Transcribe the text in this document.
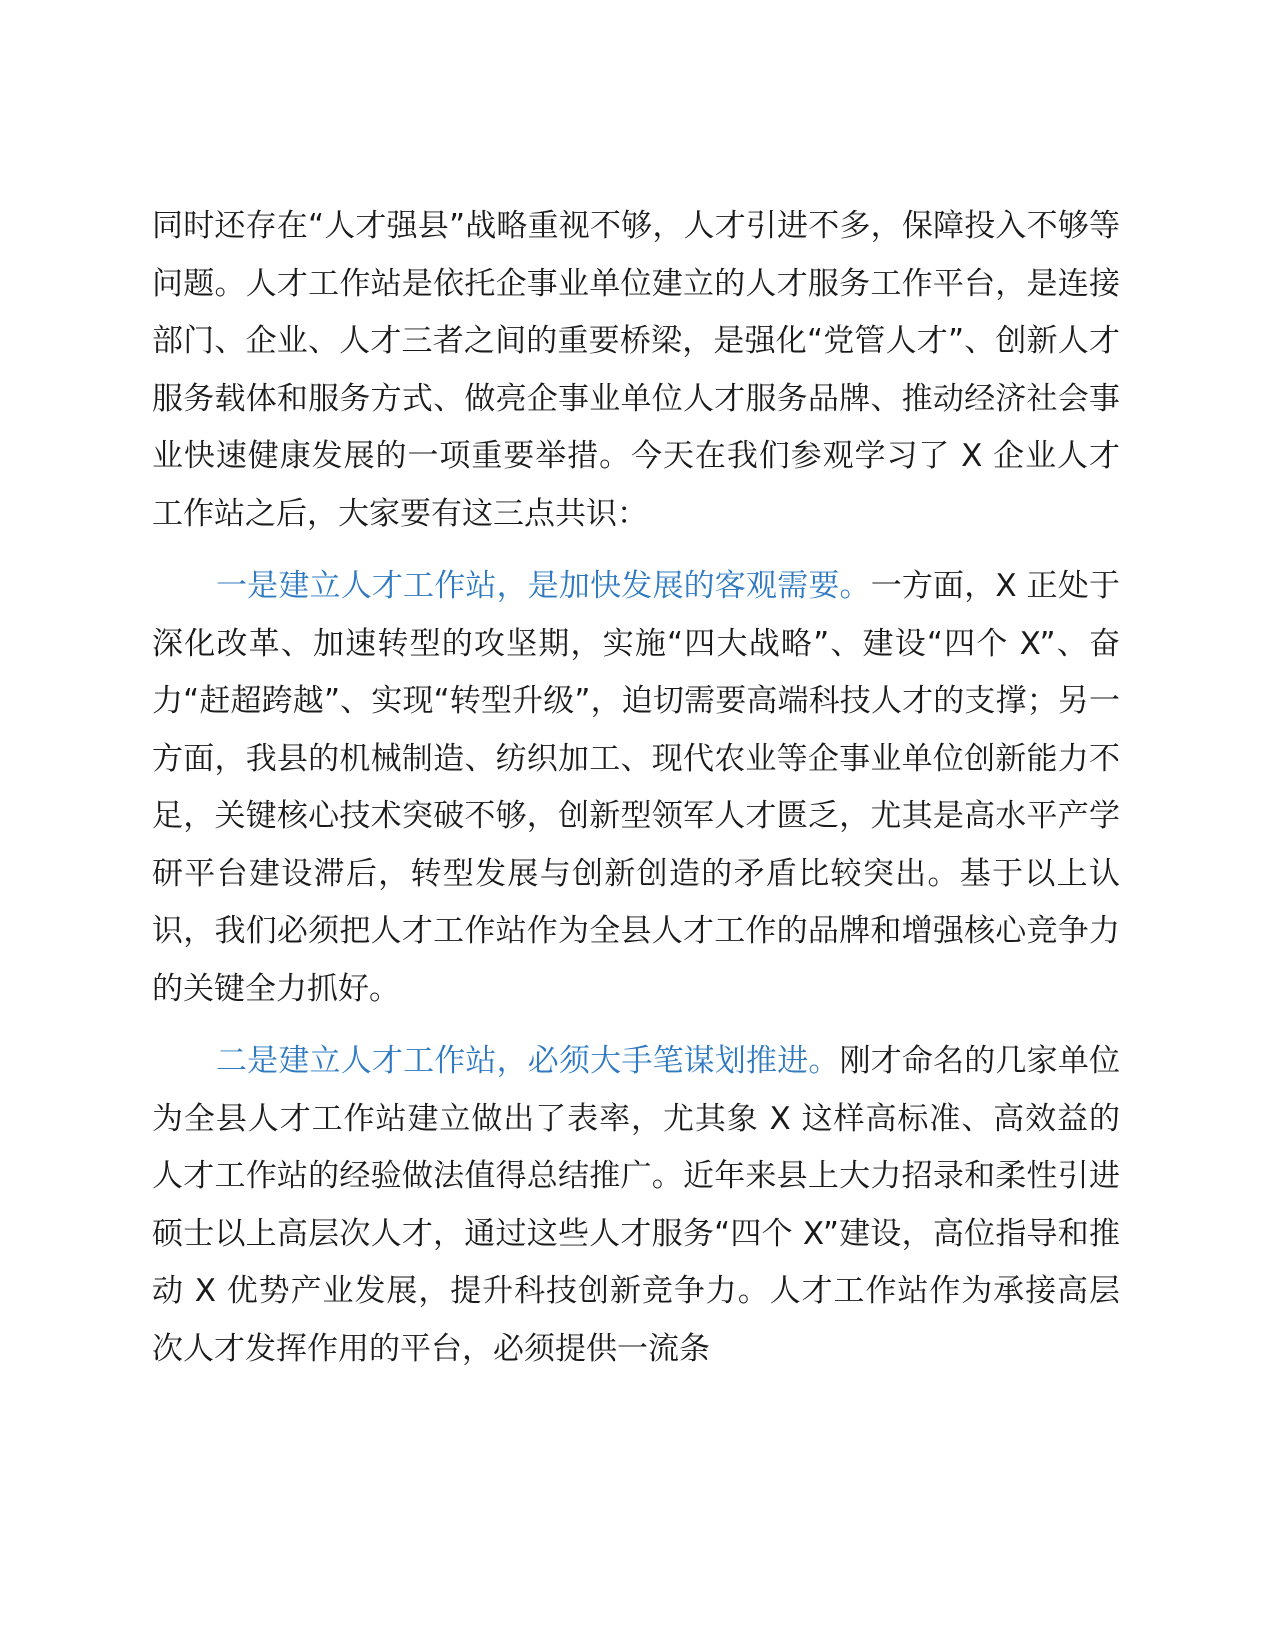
同时还存在“人才强县”战略重视不够，人才引进不多，保障投入不够等问题。人才工作站是依托企事业单位建立的人才服务工作平台，是连接部门、企业、人才三者之间的重要桥梁，是强化“党管人才”、创新人才服务载体和服务方式、做亮企事业单位人才服务品牌、推动经济社会事业快速健康发展的一项重要举措。今天在我们参观学习了 X 企业人才工作站之后，大家要有这三点共识：

一是建立人才工作站，是加快发展的客观需要。一方面，X 正处于深化改革、加速转型的攻坚期，实施“四大战略”、建设“四个 X”、奋力“赶超跨越”、实现“转型升级”，迫切需要高端科技人才的支撑；另一方面，我县的机械制造、纺织加工、现代农业等企事业单位创新能力不足，关键核心技术突破不够，创新型领军人才匮乏，尤其是高水平产学研平台建设滞后，转型发展与创新创造的矛盾比较突出。基于以上认识，我们必须把人才工作站作为全县人才工作的品牌和增强核心竞争力的关键全力抓好。

二是建立人才工作站，必须大手笔谋划推进。刚才命名的几家单位为全县人才工作站建立做出了表率，尤其象 X 这样高标准、高效益的人才工作站的经验做法值得总结推广。近年来县上大力招录和柔性引进硕士以上高层次人才，通过这些人才服务“四个 X”建设，高位指导和推动 X 优势产业发展，提升科技创新竞争力。人才工作站作为承接高层次人才发挥作用的平台，必须提供一流条
